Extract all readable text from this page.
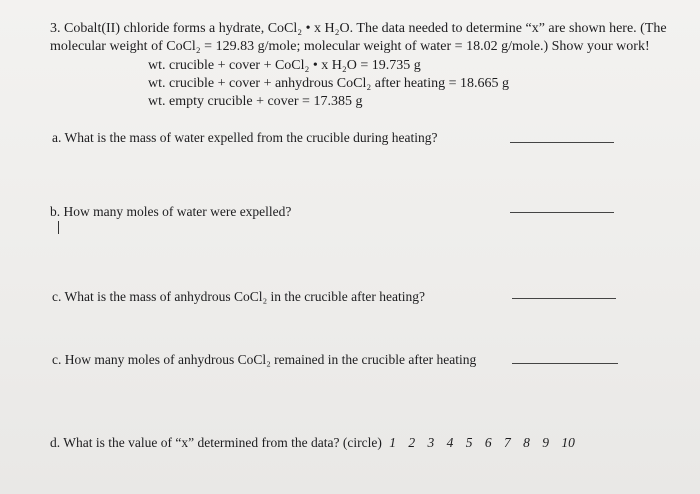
3. Cobalt(II) chloride forms a hydrate, CoCl₂ • x H₂O. The data needed to determine “x” are shown here. (The
molecular weight of CoCl₂ = 129.83 g/mole; molecular weight of water = 18.02 g/mole.) Show your work!
wt. crucible + cover + CoCl₂ • x H₂O = 19.735 g
wt. crucible + cover + anhydrous CoCl₂ after heating = 18.665 g
wt. empty crucible + cover = 17.385 g
a. What is the mass of water expelled from the crucible during heating?
b. How many moles of water were expelled?
c. What is the mass of anhydrous CoCl₂ in the crucible after heating?
c. How many moles of anhydrous CoCl₂ remained in the crucible after heating
d. What is the value of “x” determined from the data? (circle) 1 2 3 4 5 6 7 8 9 10
